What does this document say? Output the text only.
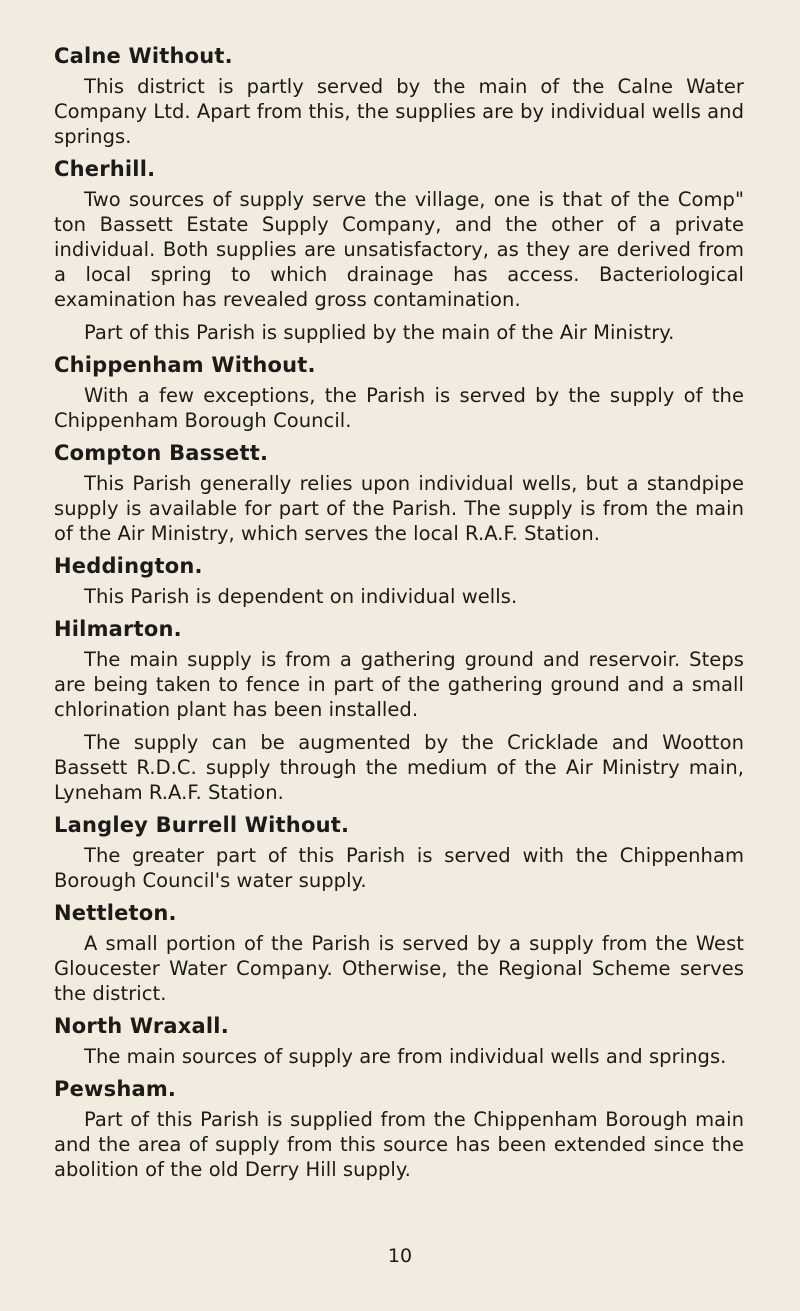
Calne Without.

This district is partly served by the main of the Calne Water Company Ltd. Apart from this, the supplies are by individual wells and springs.

Cherhill.

Two sources of supply serve the village, one is that of the Comp" ton Bassett Estate Supply Company, and the other of a private individual. Both supplies are unsatisfactory, as they are derived from a local spring to which drainage has access. Bacteriological examination has revealed gross contamination.

Part of this Parish is supplied by the main of the Air Ministry.

Chippenham Without.

With a few exceptions, the Parish is served by the supply of the Chippenham Borough Council.

Compton Bassett.

This Parish generally relies upon individual wells, but a standpipe supply is available for part of the Parish. The supply is from the main of the Air Ministry, which serves the local R.A.F. Station.

Heddington.

This Parish is dependent on individual wells.

Hilmarton.

The main supply is from a gathering ground and reservoir. Steps are being taken to fence in part of the gathering ground and a small chlorination plant has been installed.

The supply can be augmented by the Cricklade and Wootton Bassett R.D.C. supply through the medium of the Air Ministry main, Lyneham R.A.F. Station.

Langley Burrell Without.

The greater part of this Parish is served with the Chippenham Borough Council's water supply.

Nettleton.

A small portion of the Parish is served by a supply from the West Gloucester Water Company. Otherwise, the Regional Scheme serves the district.

North Wraxall.

The main sources of supply are from individual wells and springs.

Pewsham.

Part of this Parish is supplied from the Chippenham Borough main and the area of supply from this source has been extended since the abolition of the old Derry Hill supply.

10
